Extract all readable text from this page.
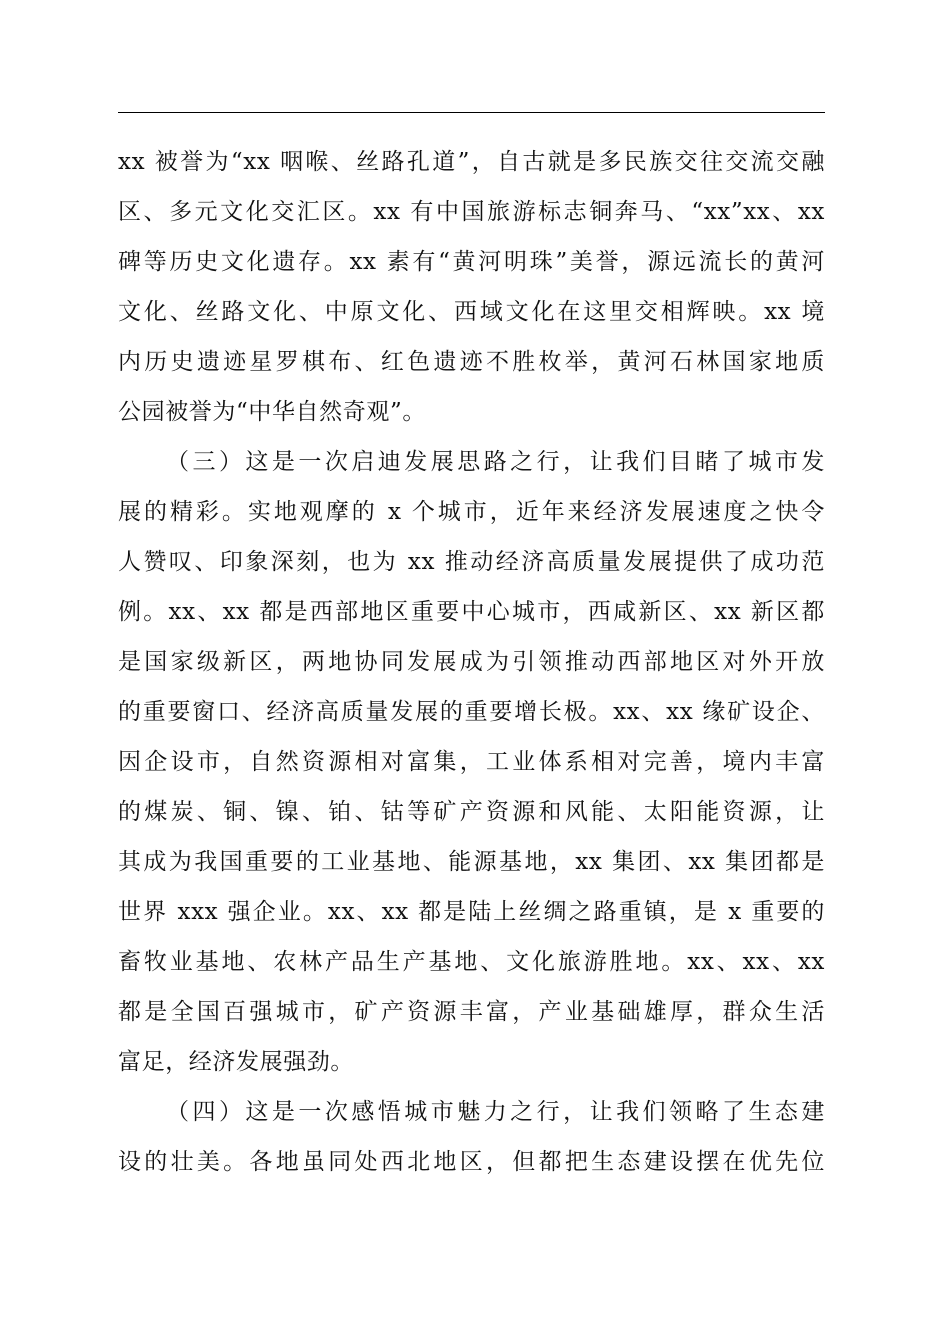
xx 被誉为“xx 咽喉、丝路孔道”，自古就是多民族交往交流交融
区、多元文化交汇区。xx 有中国旅游标志铜奔马、“xx”xx、xx
碑等历史文化遗存。xx 素有“黄河明珠”美誉，源远流长的黄河
文化、丝路文化、中原文化、西域文化在这里交相辉映。xx 境
内历史遗迹星罗棋布、红色遗迹不胜枚举，黄河石林国家地质
公园被誉为“中华自然奇观”。
（三）这是一次启迪发展思路之行，让我们目睹了城市发
展的精彩。实地观摩的 x 个城市，近年来经济发展速度之快令
人赞叹、印象深刻，也为 xx 推动经济高质量发展提供了成功范
例。xx、xx 都是西部地区重要中心城市，西咸新区、xx 新区都
是国家级新区，两地协同发展成为引领推动西部地区对外开放
的重要窗口、经济高质量发展的重要增长极。xx、xx 缘矿设企、
因企设市，自然资源相对富集，工业体系相对完善，境内丰富
的煤炭、铜、镍、铂、钴等矿产资源和风能、太阳能资源，让
其成为我国重要的工业基地、能源基地，xx 集团、xx 集团都是
世界 xxx 强企业。xx、xx 都是陆上丝绸之路重镇，是 x 重要的
畜牧业基地、农林产品生产基地、文化旅游胜地。xx、xx、xx
都是全国百强城市，矿产资源丰富，产业基础雄厚，群众生活
富足，经济发展强劲。
（四）这是一次感悟城市魅力之行，让我们领略了生态建
设的壮美。各地虽同处西北地区，但都把生态建设摆在优先位
